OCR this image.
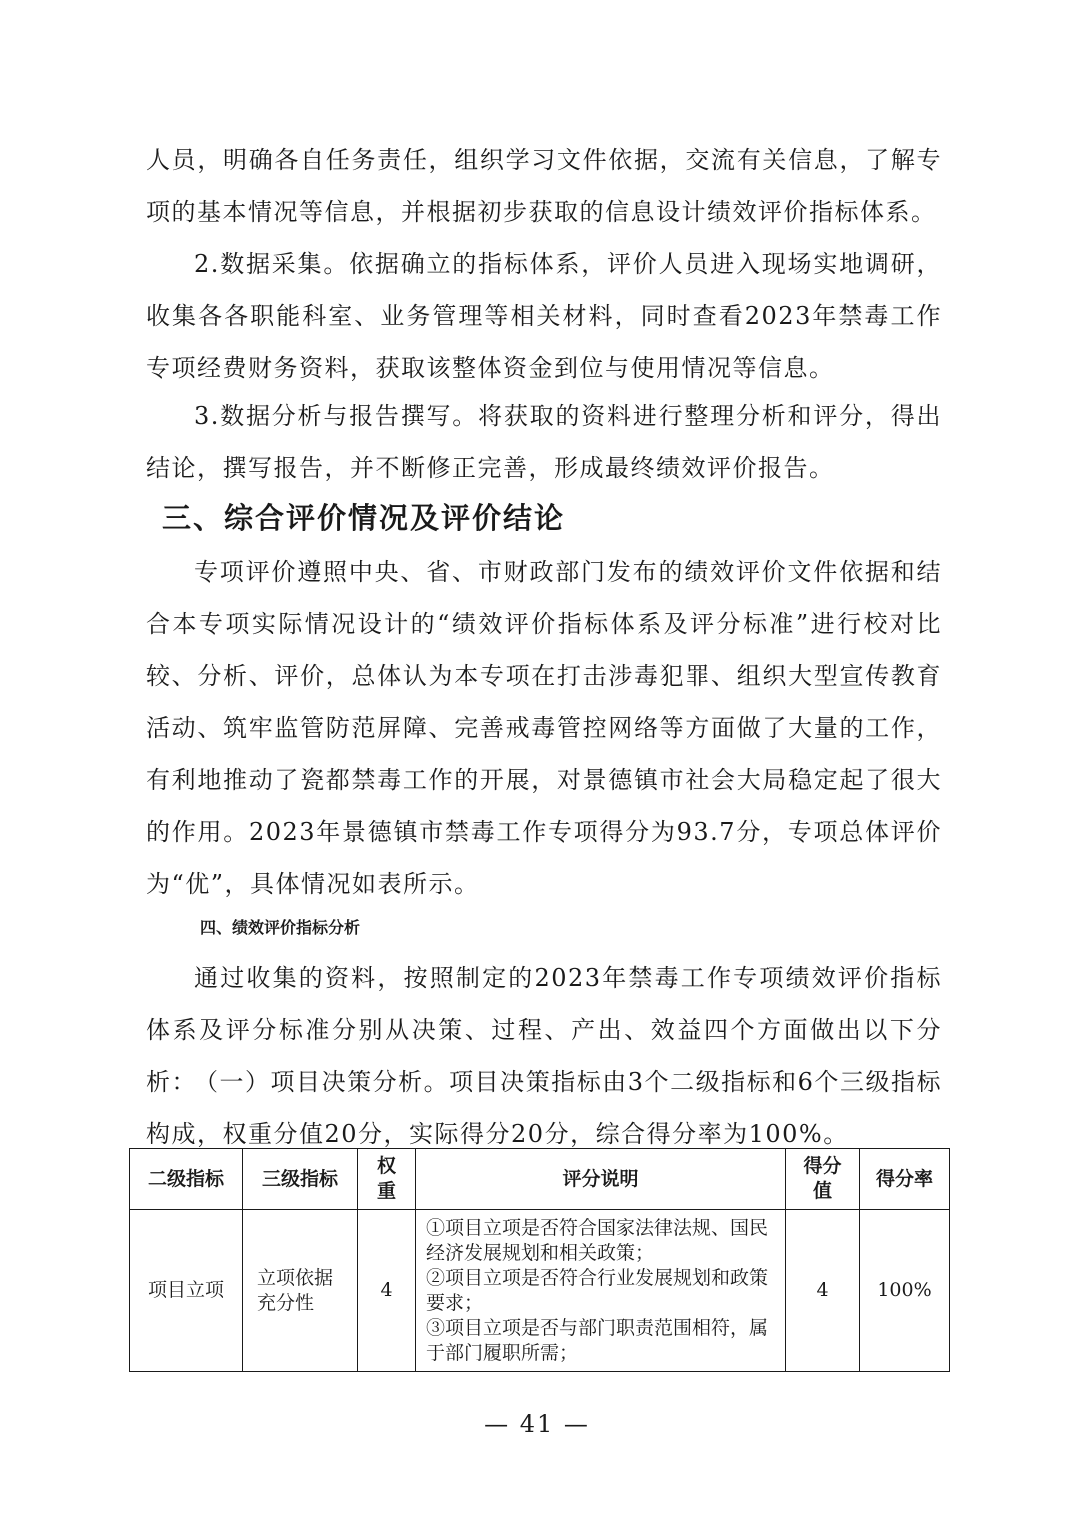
人员，明确各自任务责任，组织学习文件依据，交流有关信息，了解专项的基本情况等信息，并根据初步获取的信息设计绩效评价指标体系。

2.数据采集。依据确立的指标体系，评价人员进入现场实地调研，收集各各职能科室、业务管理等相关材料，同时查看2023年禁毒工作专项经费财务资料，获取该整体资金到位与使用情况等信息。

3.数据分析与报告撰写。将获取的资料进行整理分析和评分，得出结论，撰写报告，并不断修正完善，形成最终绩效评价报告。

三、综合评价情况及评价结论

专项评价遵照中央、省、市财政部门发布的绩效评价文件依据和结合本专项实际情况设计的“绩效评价指标体系及评分标准”进行校对比较、分析、评价，总体认为本专项在打击涉毒犯罪、组织大型宣传教育活动、筑牢监管防范屏障、完善戒毒管控网络等方面做了大量的工作，有利地推动了瓷都禁毒工作的开展，对景德镇市社会大局稳定起了很大的作用。2023年景德镇市禁毒工作专项得分为93.7分，专项总体评价为“优”，具体情况如表所示。

四、绩效评价指标分析

通过收集的资料，按照制定的2023年禁毒工作专项绩效评价指标体系及评分标准分别从决策、过程、产出、效益四个方面做出以下分析：

（一）项目决策分析。项目决策指标由3个二级指标和6个三级指标构成，权重分值20分，实际得分20分，综合得分率为100%。

二级指标	三级指标	权重	评分说明	得分值	得分率
项目立项	立项依据充分性	4	①项目立项是否符合国家法律法规、国民经济发展规划和相关政策；
②项目立项是否符合行业发展规划和政策要求；
③项目立项是否与部门职责范围相符，属于部门履职所需；	4	100%
— 41 —
